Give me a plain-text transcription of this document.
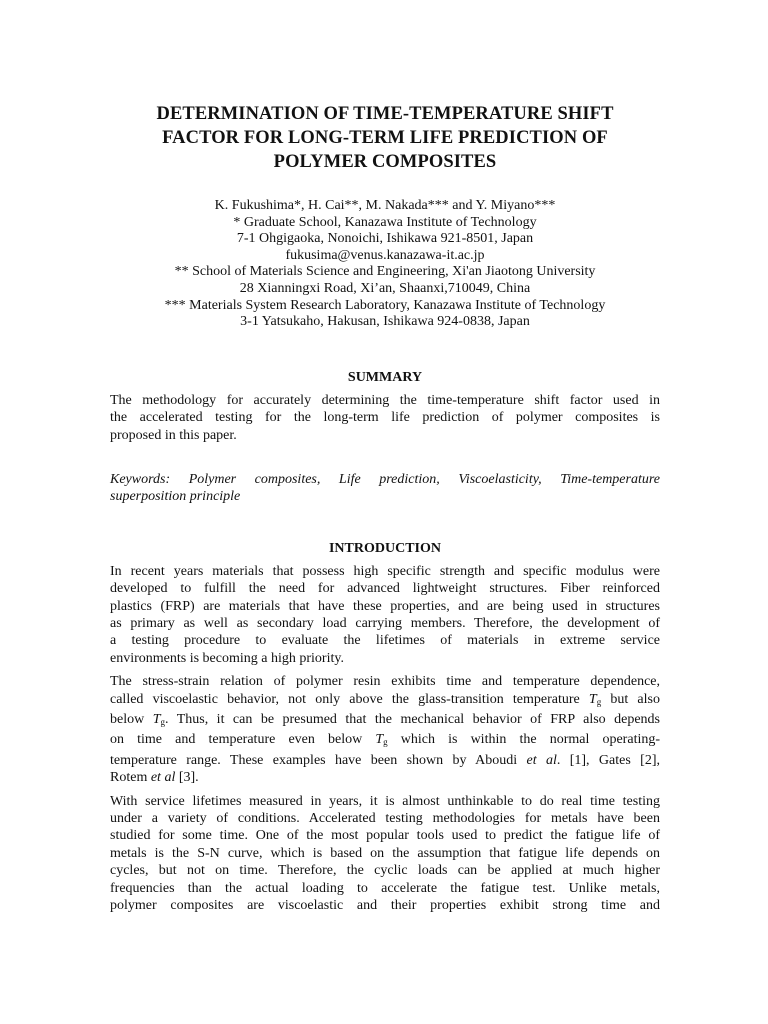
DETERMINATION OF TIME-TEMPERATURE SHIFT
FACTOR FOR LONG-TERM LIFE PREDICTION OF
POLYMER COMPOSITES
K. Fukushima*, H. Cai**, M. Nakada*** and Y. Miyano***
* Graduate School, Kanazawa Institute of Technology
7-1 Ohgigaoka, Nonoichi, Ishikawa 921-8501, Japan
fukusima@venus.kanazawa-it.ac.jp
** School of Materials Science and Engineering, Xi'an Jiaotong University
28 Xianningxi Road, Xi’an, Shaanxi,710049, China
*** Materials System Research Laboratory, Kanazawa Institute of Technology
3-1 Yatsukaho, Hakusan, Ishikawa 924-0838, Japan
SUMMARY

The methodology for accurately determining the time-temperature shift factor used in
the accelerated testing for the long-term life prediction of polymer composites is
proposed in this paper.

Keywords: Polymer composites, Life prediction, Viscoelasticity, Time-temperature
superposition principle

INTRODUCTION

In recent years materials that possess high specific strength and specific modulus were
developed to fulfill the need for advanced lightweight structures. Fiber reinforced
plastics (FRP) are materials that have these properties, and are being used in structures
as primary as well as secondary load carrying members. Therefore, the development of
a testing procedure to evaluate the lifetimes of materials in extreme service
environments is becoming a high priority.

The stress-strain relation of polymer resin exhibits time and temperature dependence,
called viscoelastic behavior, not only above the glass-transition temperature Tg but also
below Tg. Thus, it can be presumed that the mechanical behavior of FRP also depends
on time and temperature even below Tg which is within the normal operating-
temperature range. These examples have been shown by Aboudi et al. [1], Gates [2],
Rotem et al [3].

With service lifetimes measured in years, it is almost unthinkable to do real time testing
under a variety of conditions. Accelerated testing methodologies for metals have been
studied for some time. One of the most popular tools used to predict the fatigue life of
metals is the S-N curve, which is based on the assumption that fatigue life depends on
cycles, but not on time. Therefore, the cyclic loads can be applied at much higher
frequencies than the actual loading to accelerate the fatigue test. Unlike metals,
polymer composites are viscoelastic and their properties exhibit strong time and
